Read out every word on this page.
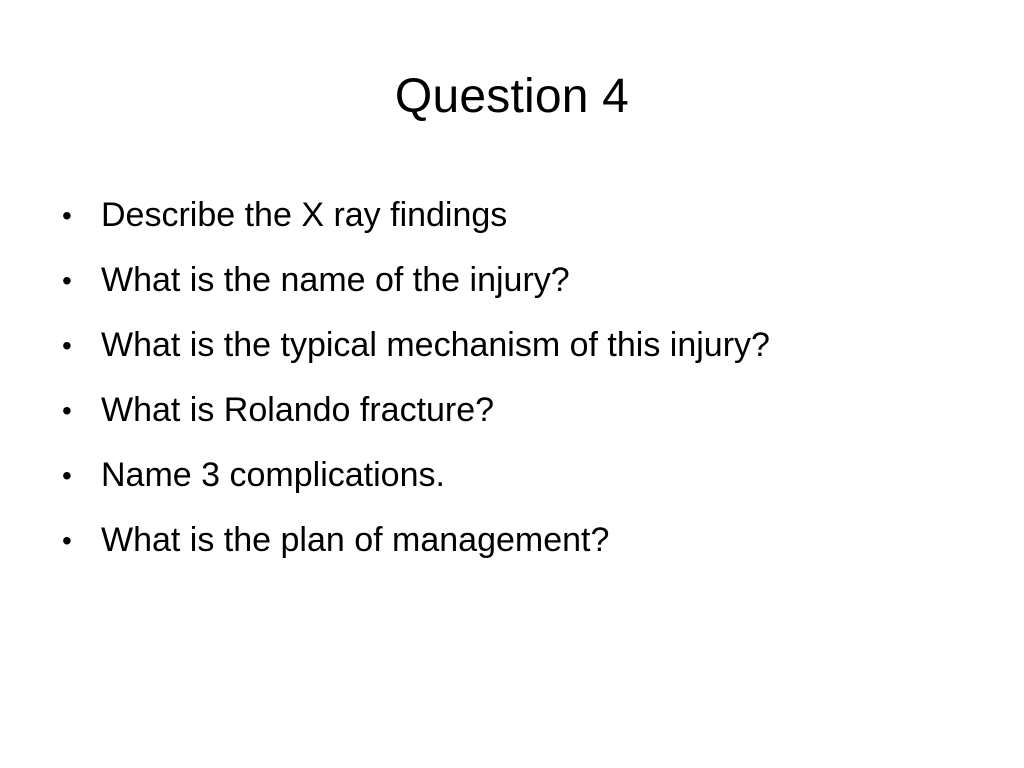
Question 4
• Describe the X ray findings
• What is the name of the injury?
• What is the typical mechanism of this injury?
• What is Rolando fracture?
• Name 3 complications.
• What is the plan of management?
